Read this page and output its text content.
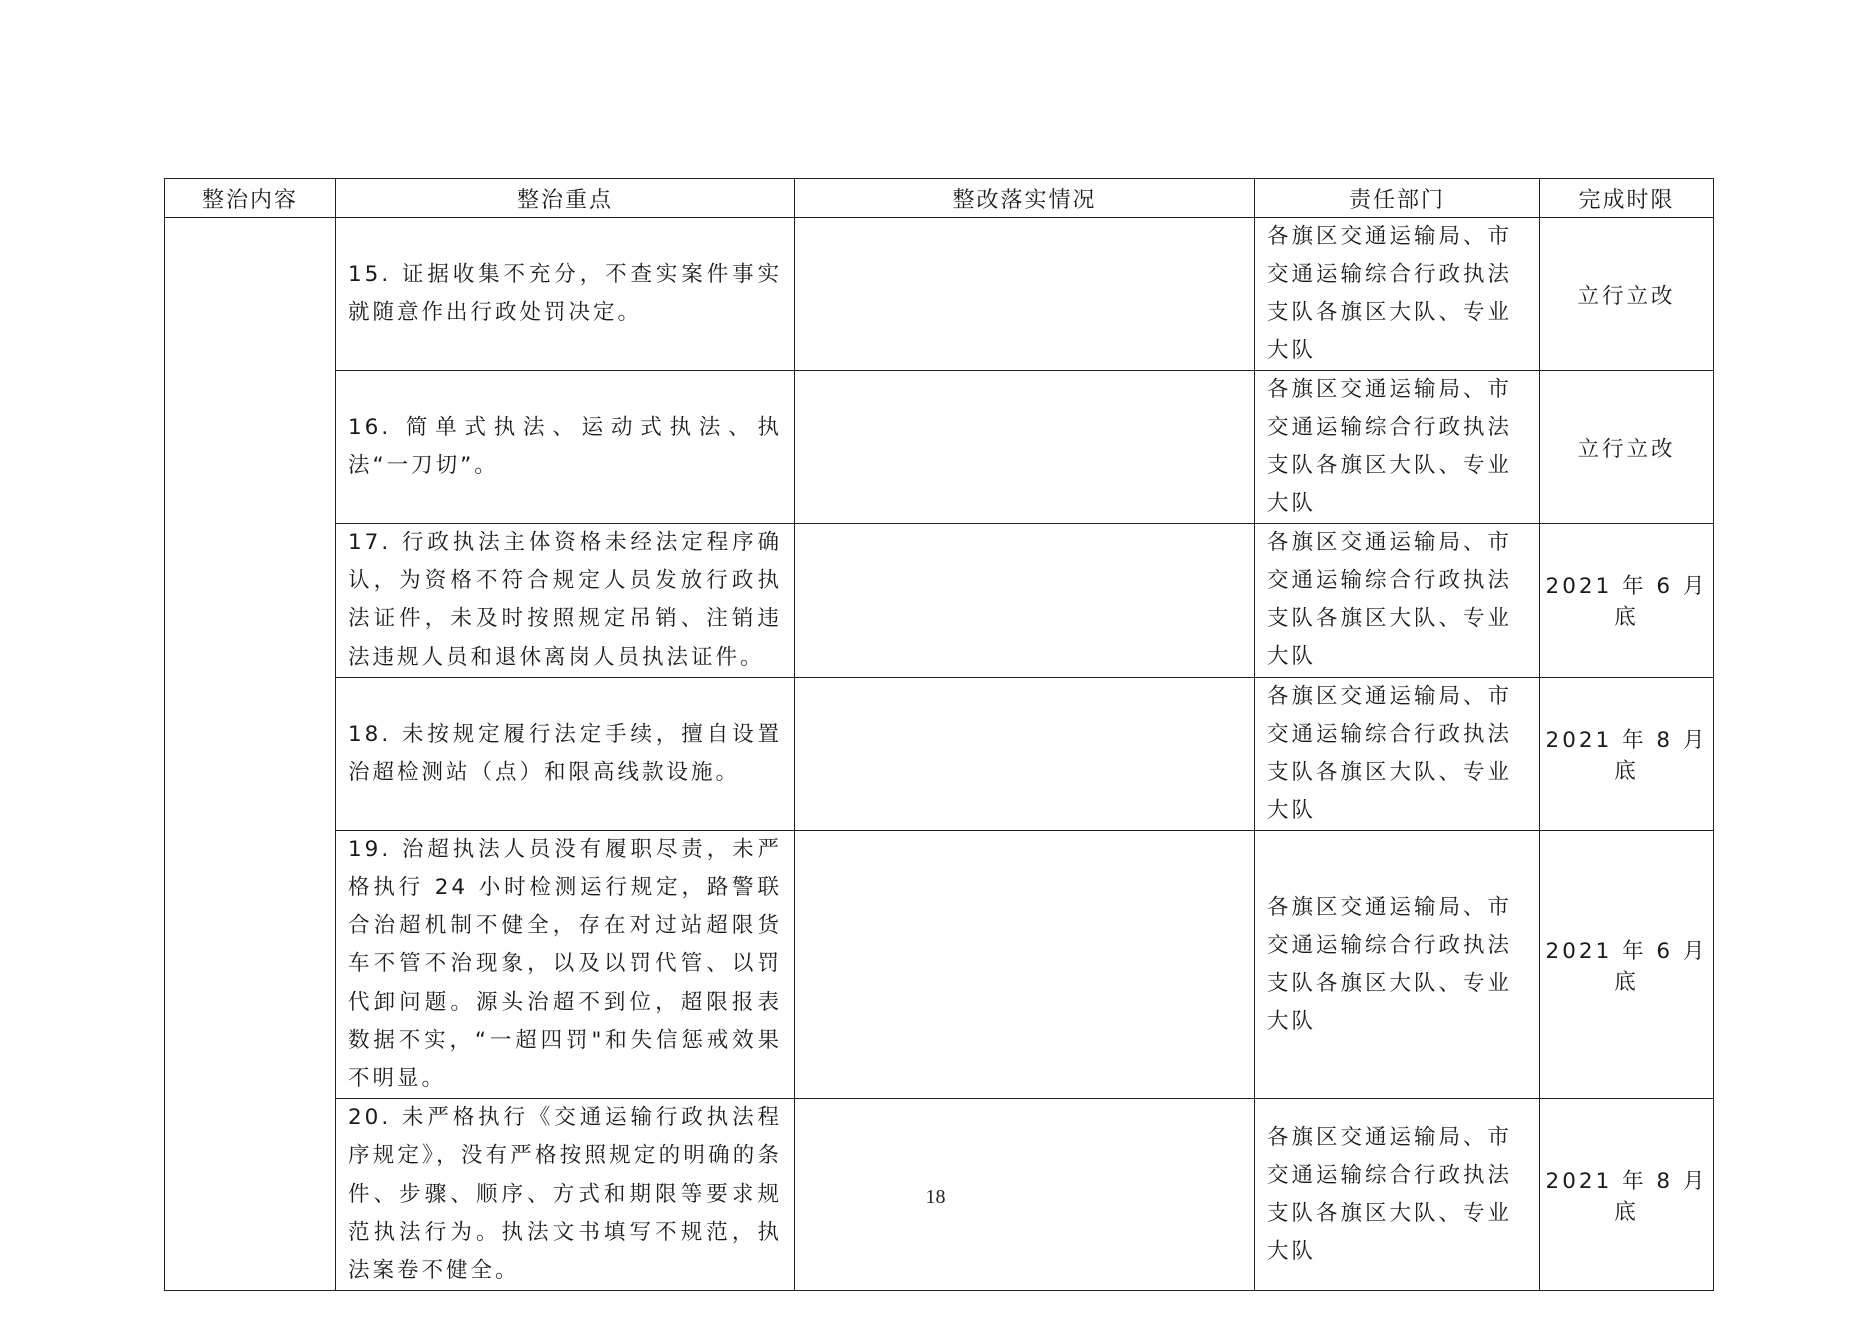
整治内容	整治重点	整改落实情况	责任部门	完成时限
	15. 证据收集不充分，不查实案件事实就随意作出行政处罚决定。		各旗区交通运输局、市交通运输综合行政执法支队各旗区大队、专业大队	立行立改
	16. 简单式执法、运动式执法、执法“一刀切”。		各旗区交通运输局、市交通运输综合行政执法支队各旗区大队、专业大队	立行立改
	17. 行政执法主体资格未经法定程序确认，为资格不符合规定人员发放行政执法证件，未及时按照规定吊销、注销违法违规人员和退休离岗人员执法证件。		各旗区交通运输局、市交通运输综合行政执法支队各旗区大队、专业大队	2021 年 6 月底
	18. 未按规定履行法定手续，擅自设置治超检测站（点）和限高线款设施。		各旗区交通运输局、市交通运输综合行政执法支队各旗区大队、专业大队	2021 年 8 月底
	19. 治超执法人员没有履职尽责，未严格执行 24 小时检测运行规定，路警联合治超机制不健全，存在对过站超限货车不管不治现象，以及以罚代管、以罚代卸问题。源头治超不到位，超限报表数据不实，“一超四罚"和失信惩戒效果不明显。		各旗区交通运输局、市交通运输综合行政执法支队各旗区大队、专业大队	2021 年 6 月底
	20. 未严格执行《交通运输行政执法程序规定》，没有严格按照规定的明确的条件、步骤、顺序、方式和期限等要求规范执法行为。执法文书填写不规范，执法案卷不健全。		各旗区交通运输局、市交通运输综合行政执法支队各旗区大队、专业大队	2021 年 8 月底
18
